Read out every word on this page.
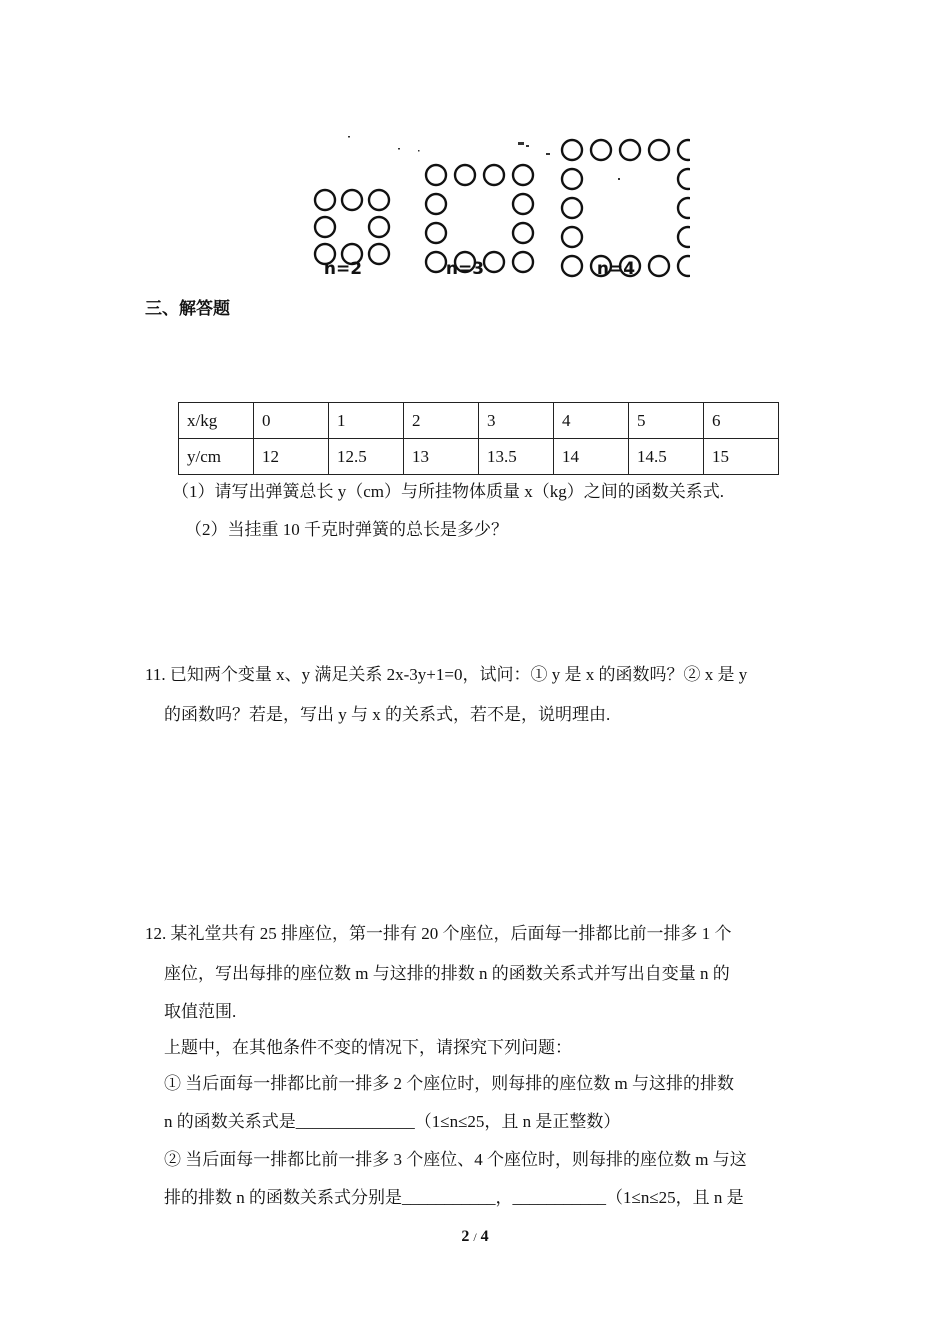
n=2	n=3	n=4
三、解答题
x/kg	0	1	2	3	4	5	6
y/cm	12	12.5	13	13.5	14	14.5	15
（1）请写出弹簧总长 y（cm）与所挂物体质量 x（kg）之间的函数关系式.
（2）当挂重 10 千克时弹簧的总长是多少？
11. 已知两个变量 x、y 满足关系 2x-3y+1=0，试问：① y 是 x 的函数吗？② x 是 y
的函数吗？若是，写出 y 与 x 的关系式，若不是，说明理由.
12. 某礼堂共有 25 排座位，第一排有 20 个座位，后面每一排都比前一排多 1 个
座位，写出每排的座位数 m 与这排的排数 n 的函数关系式并写出自变量 n 的
取值范围.
上题中，在其他条件不变的情况下，请探究下列问题：
① 当后面每一排都比前一排多 2 个座位时，则每排的座位数 m 与这排的排数
n 的函数关系式是______________（1≤n≤25，且 n 是正整数）
② 当后面每一排都比前一排多 3 个座位、4 个座位时，则每排的座位数 m 与这
排的排数 n 的函数关系式分别是___________，___________（1≤n≤25，且 n 是
2 / 4
